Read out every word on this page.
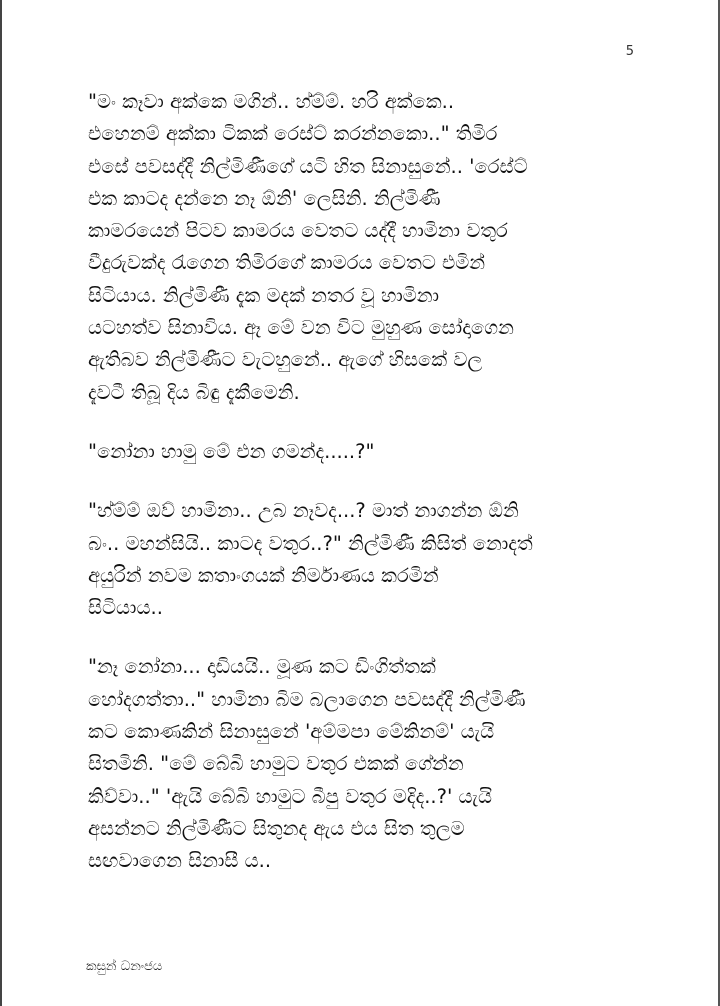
5
"මං කෑවා අක්කෙ මගින්.. හ්ම්ම්. හරි අක්කෙ..
එහෙනම් අක්කා ටිකක් රෙස්ට් කරන්නකො.." තිමිර
එසේ පවසද්දී නිල්මිණීගේ යටි හිත සිනාසුනේ.. 'රෙස්ට්
එක කාටද දන්නෙ නෑ ඕනි' ලෙසිනි. නිල්මිණී
කාමරයෙන් පිටව කාමරය වෙතට යද්දී හාමිනා වතුර
වීදුරුවක්ද රැගෙන තිමිරගේ කාමරය වෙතට එමින්
සිටියාය. නිල්මිණී දැක මදක් නතර වූ හාමිනා
යටහත්ව සිනාවිය. ඈ මේ වන විට මුහුණ සෝදාගෙන
ඇතිබව නිල්මිණීට වැටහුනේ.. ඇගේ හිසකේ වල
දැවටී තිබූ දිය බිඳු දැකීමෙනි.
"නෝනා හාමු මේ එන ගමන්ද.....?"
"හ්ම්ම් ඔව් හාමිනා.. උබ නෑවද...? මාත් නාගන්න ඕනි
බං.. මහන්සියි.. කාටද වතුර..?" නිල්මිණී කිසිත් නොදත්
අයුරින් නවම කතාංගයක් නිර්මාණය කරමින්
සිටියාය..
"නෑ නෝනා... දාඩියයි.. මූණ කට ඩිංගිත්තක්
හෝදගත්තා.." හාමිනා බිම බලාගෙන පවසද්දී නිල්මිණී
කට කොණකින් සිනාසුනේ 'අම්මපා මේකිනම්' යැයි
සිතමිනි. "මේ බේබි හාමුට වතුර එකක් ගේන්න
කිව්වා.." 'ඇයි බේබි හාමුට බීපු වතුර මදිද..?' යැයි
අසන්නට නිල්මිණීට සිතුනද ඇය එය සිත තුලම
සඟවාගෙන සිනාසී ය..
කසුන් ධනංජය
